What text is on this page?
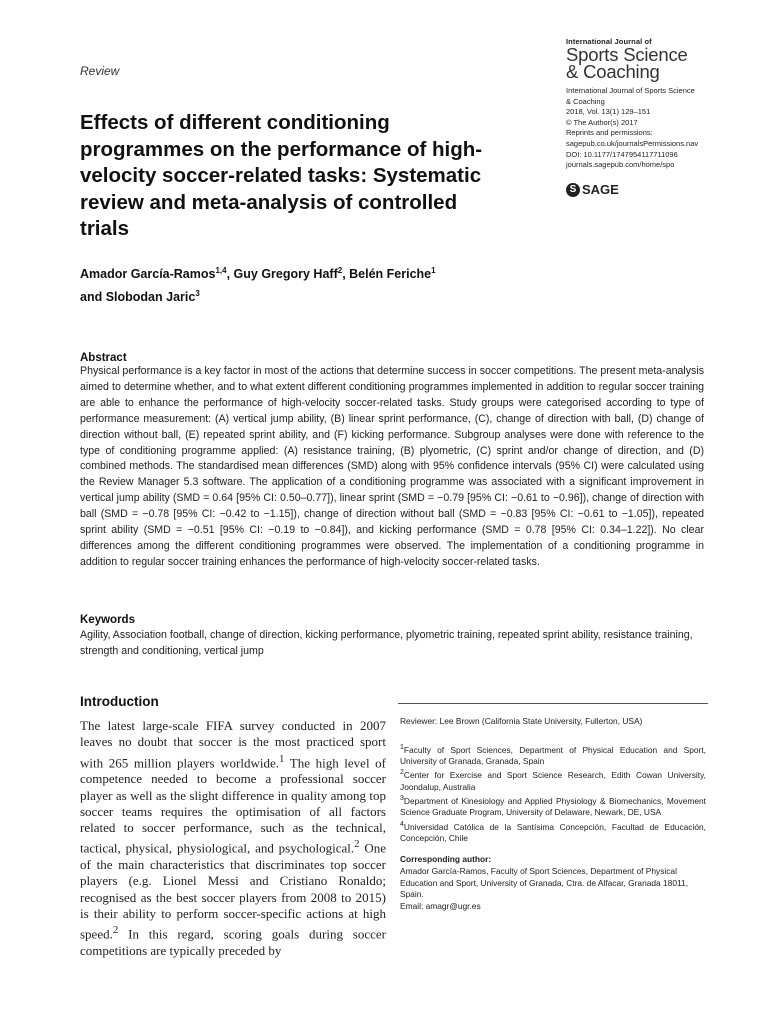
Review
Effects of different conditioning programmes on the performance of high-velocity soccer-related tasks: Systematic review and meta-analysis of controlled trials
International Journal of
Sports Science
& Coaching
International Journal of Sports Science
& Coaching
2018, Vol. 13(1) 129–151
© The Author(s) 2017
Reprints and permissions:
sagepub.co.uk/journalsPermissions.nav
DOI: 10.1177/1747954117711096
journals.sagepub.com/home/spo
S SAGE
Amador García-Ramos$^{1,4}$, Guy Gregory Haff$^2$, Belén Feriche$^1$
and Slobodan Jaric$^3$
Abstract
Physical performance is a key factor in most of the actions that determine success in soccer competitions. The present meta-analysis aimed to determine whether, and to what extent different conditioning programmes implemented in addition to regular soccer training are able to enhance the performance of high-velocity soccer-related tasks. Study groups were categorised according to type of performance measurement: (A) vertical jump ability, (B) linear sprint performance, (C), change of direction with ball, (D) change of direction without ball, (E) repeated sprint ability, and (F) kicking performance. Subgroup analyses were done with reference to the type of conditioning programme applied: (A) resistance training, (B) plyometric, (C) sprint and/or change of direction, and (D) combined methods. The standardised mean differences (SMD) along with 95% confidence intervals (95% CI) were calculated using the Review Manager 5.3 software. The application of a conditioning programme was associated with a significant improvement in vertical jump ability (SMD = 0.64 [95% CI: 0.50–0.77]), linear sprint (SMD = −0.79 [95% CI: −0.61 to −0.96]), change of direction with ball (SMD = −0.78 [95% CI: −0.42 to −1.15]), change of direction without ball (SMD = −0.83 [95% CI: −0.61 to −1.05]), repeated sprint ability (SMD = −0.51 [95% CI: −0.19 to −0.84]), and kicking performance (SMD = 0.78 [95% CI: 0.34–1.22]). No clear differences among the different conditioning programmes were observed. The implementation of a conditioning programme in addition to regular soccer training enhances the performance of high-velocity soccer-related tasks.
Keywords
Agility, Association football, change of direction, kicking performance, plyometric training, repeated sprint ability, resistance training, strength and conditioning, vertical jump
Introduction
The latest large-scale FIFA survey conducted in 2007 leaves no doubt that soccer is the most practiced sport with 265 million players worldwide.$^1$ The high level of competence needed to become a professional soccer player as well as the slight difference in quality among top soccer teams requires the optimisation of all factors related to soccer performance, such as the technical, tactical, physical, physiological, and psychological.$^2$ One of the main characteristics that discriminates top soccer players (e.g. Lionel Messi and Cristiano Ronaldo; recognised as the best soccer players from 2008 to 2015) is their ability to perform soccer-specific actions at high speed.$^2$ In this regard, scoring goals during soccer competitions are typically preceded by

Reviewer: Lee Brown (California State University, Fullerton, USA)

$^1$Faculty of Sport Sciences, Department of Physical Education and Sport, University of Granada, Granada, Spain

$^2$Center for Exercise and Sport Science Research, Edith Cowan University, Joondalup, Australia

$^3$Department of Kinesiology and Applied Physiology & Biomechanics, Movement Science Graduate Program, University of Delaware, Newark, DE, USA

$^4$Universidad Católica de la Santísima Concepción, Facultad de Educación, Concepción, Chile

Corresponding author:

Amador García-Ramos, Faculty of Sport Sciences, Department of Physical Education and Sport, University of Granada, Ctra. de Alfacar, Granada 18011, Spain.

Email: amagr@ugr.es
